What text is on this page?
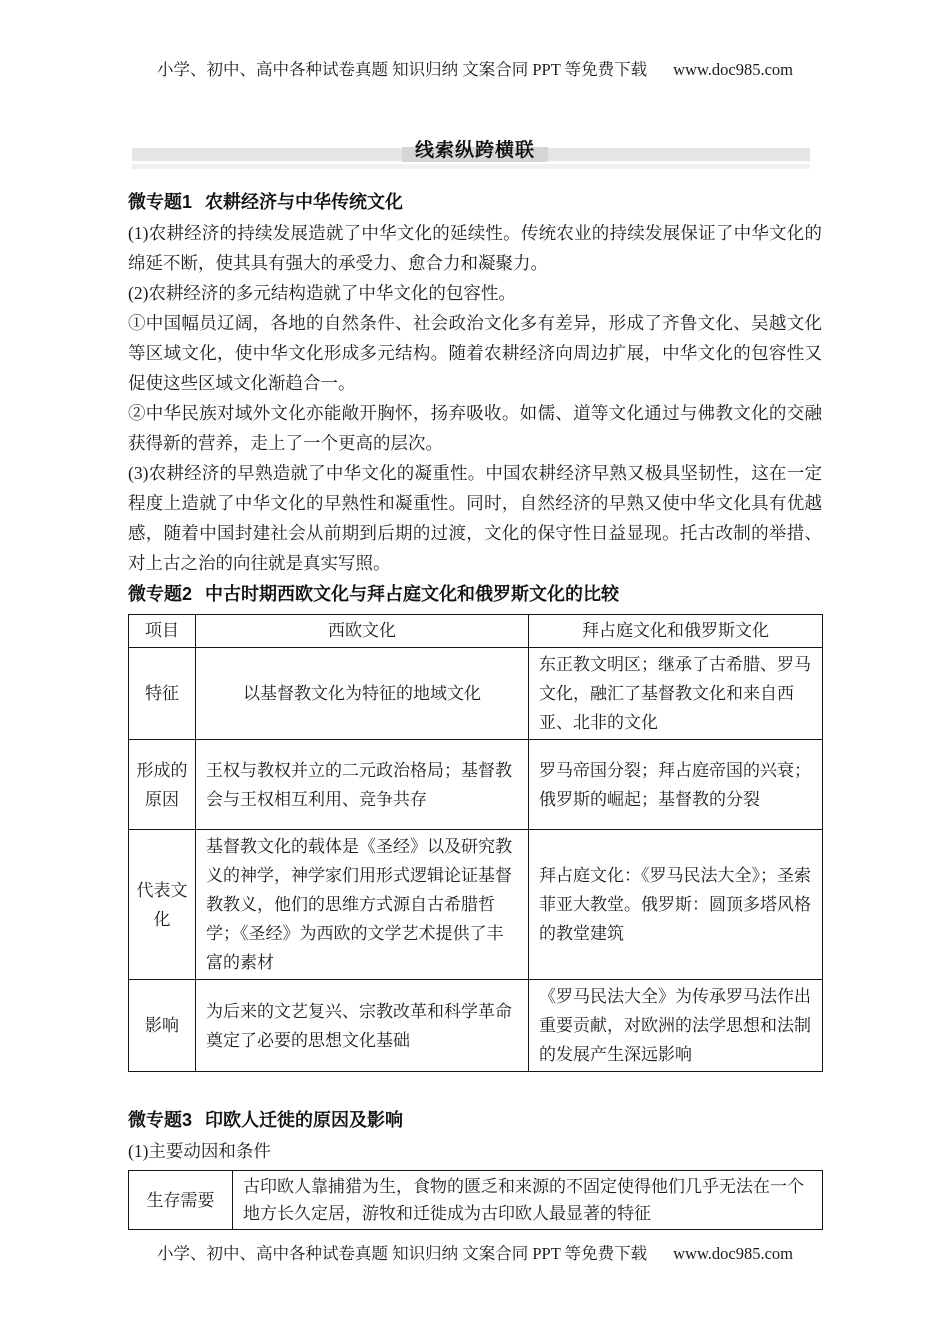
小学、初中、高中各种试卷真题 知识归纳 文案合同 PPT 等免费下载 www.doc985.com
线索纵跨横联
微专题1 农耕经济与中华传统文化

(1)农耕经济的持续发展造就了中华文化的延续性。传统农业的持续发展保证了中华文化的绵延不断，使其具有强大的承受力、愈合力和凝聚力。

(2)农耕经济的多元结构造就了中华文化的包容性。

①中国幅员辽阔，各地的自然条件、社会政治文化多有差异，形成了齐鲁文化、吴越文化等区域文化，使中华文化形成多元结构。随着农耕经济向周边扩展，中华文化的包容性又促使这些区域文化渐趋合一。

②中华民族对域外文化亦能敞开胸怀，扬弃吸收。如儒、道等文化通过与佛教文化的交融获得新的营养，走上了一个更高的层次。

(3)农耕经济的早熟造就了中华文化的凝重性。中国农耕经济早熟又极具坚韧性，这在一定程度上造就了中华文化的早熟性和凝重性。同时，自然经济的早熟又使中华文化具有优越感，随着中国封建社会从前期到后期的过渡，文化的保守性日益显现。托古改制的举措、对上古之治的向往就是真实写照。

微专题2 中古时期西欧文化与拜占庭文化和俄罗斯文化的比较
项目	西欧文化	拜占庭文化和俄罗斯文化
特征	以基督教文化为特征的地域文化	东正教文明区；继承了古希腊、罗马文化，融汇了基督教文化和来自西亚、北非的文化
形成的原因	王权与教权并立的二元政治格局；基督教会与王权相互利用、竞争共存	罗马帝国分裂；拜占庭帝国的兴衰；俄罗斯的崛起；基督教的分裂
代表文化	基督教文化的载体是《圣经》以及研究教义的神学，神学家们用形式逻辑论证基督教教义，他们的思维方式源自古希腊哲学；《圣经》为西欧的文学艺术提供了丰富的素材	拜占庭文化：《罗马民法大全》；圣索菲亚大教堂。俄罗斯：圆顶多塔风格的教堂建筑
影响	为后来的文艺复兴、宗教改革和科学革命奠定了必要的思想文化基础	《罗马民法大全》为传承罗马法作出重要贡献，对欧洲的法学思想和法制的发展产生深远影响
微专题3 印欧人迁徙的原因及影响

(1)主要动因和条件

生存需要	古印欧人靠捕猎为生，食物的匮乏和来源的不固定使得他们几乎无法在一个地方长久定居，游牧和迁徙成为古印欧人最显著的特征
小学、初中、高中各种试卷真题 知识归纳 文案合同 PPT 等免费下载 www.doc985.com
